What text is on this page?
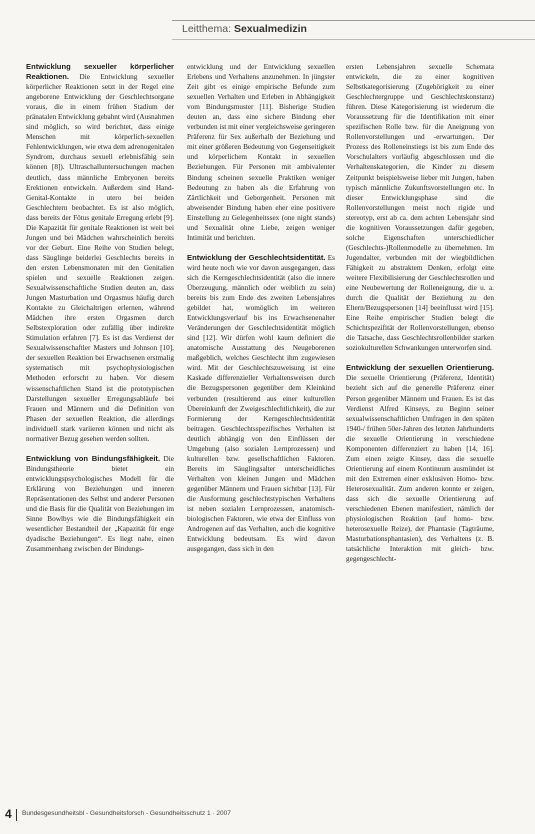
Leitthema: Sexualmedizin

Entwicklung sexueller körperlicher Reaktionen. Die Entwicklung sexueller körperlicher Reaktionen setzt in der Regel eine angeborene Entwicklung der Geschlechtsorgane voraus, die in einem frühen Stadium der pränatalen Entwicklung gebahnt wird (Ausnahmen sind möglich, so wird berichtet, dass einige Menschen mit körperlich-sexuellen Fehlentwicklungen, wie etwa dem adrenogenitalen Syndrom, durchaus sexuell erlebnisfähig sein können [8]). Ultraschalluntersuchungen machen deutlich, dass männliche Embryonen bereits Erektionen entwickeln. Außerdem sind Hand-Genital-Kontakte in utero bei beiden Geschlechtern beobachtet. Es ist also möglich, dass bereits der Fötus genitale Erregung erlebt [9]. Die Kapazität für genitale Reaktionen ist weit bei Jungen und bei Mädchen wahrscheinlich bereits vor der Geburt. Eine Reihe von Studien belegt, dass Säuglinge beiderlei Geschlechts bereits in den ersten Lebensmonaten mit den Genitalien spielen und sexuelle Reaktionen zeigen. Sexualwissenschaftliche Studien deuten an, dass Jungen Masturbation und Orgasmus häufig durch Kontakte zu Gleichaltrigen erlernen, während Mädchen ihre ersten Orgasmen durch Selbstexploration oder zufällig über indirekte Stimulation erfahren [7]. Es ist das Verdienst der Sexualwissenschaftler Masters und Johnson [10], der sexuellen Reaktion bei Erwachsenen erstmalig systematisch mit psychophysiologischen Methoden erforscht zu haben. Vor diesem wissenschaftlichen Stand ist die prototypischen Darstellungen sexueller Erregungsabläufe bei Frauen und Männern und die Definition von Phasen der sexuellen Reaktion, die allerdings individuell stark variieren können und nicht als normativer Bezug gesehen werden sollten.

Entwicklung von Bindungsfähigkeit. Die Bindungstheorie bietet ein entwicklungspsychologisches Modell für die Erklärung von Beziehungen und inneren Repräsentationen des Selbst und anderer Personen und die Basis für die Qualität von Beziehungen im Sinne Bowlbys wie die Bindungsfähigkeit ein wesentlicher Bestandteil der „Kapazität für enge dyadische Beziehungen“. Es liegt nahe, einen Zusammenhang zwischen der Bindungs-

entwicklung und der Entwicklung sexuellen Erlebens und Verhaltens anzunehmen. In jüngster Zeit gibt es einige empirische Befunde zum sexuellen Verhalten und Erleben in Abhängigkeit vom Bindungsmuster [11]. Bisherige Studien deuten an, dass eine sichere Bindung eher verbunden ist mit einer vergleichsweise geringeren Präferenz für Sex außerhalb der Beziehung und mit einer größeren Bedeutung von Gegenseitigkeit und körperlichem Kontakt in sexuellen Beziehungen. Für Personen mit ambivalenter Bindung scheinen sexuelle Praktiken weniger Bedeutung zu haben als die Erfahrung von Zärtlichkeit und Geborgenheit. Personen mit abweisender Bindung haben eher eine positivere Einstellung zu Gelegenheitssex (one night stands) und Sexualität ohne Liebe, zeigen weniger Intimität und berichten.

Entwicklung der Geschlechtsidentität. Es wird heute noch wie vor davon ausgegangen, dass sich die Kerngeschlechtsidentität (also die innere Überzeugung, männlich oder weiblich zu sein) bereits bis zum Ende des zweiten Lebensjahres gebildet hat, womöglich im weiteren Entwicklungsverlauf bis ins Erwachsenenalter Veränderungen der Geschlechtsidentität möglich sind [12]. Wir dürfen wohl kaum definiert die anatomische Ausstattung des Neugeborenen maßgeblich, welches Geschlecht ihm zugewiesen wird. Mit der Geschlechtszuweisung ist eine Kaskade differenzieller Verhaltensweisen durch die Bezugspersonen gegenüber dem Kleinkind verbunden (resultierend aus einer kulturellen Übereinkunft der Zweigeschlechtlichkeit), die zur Formierung der Kerngeschlechtsidentität beitragen. Geschlechtsspezifisches Verhalten ist deutlich abhängig von den Einflüssen der Umgebung (also sozialen Lernprozessen) und kulturellen bzw. gesellschaftlichen Faktoren. Bereits im Säuglingsalter unterscheidliches Verhalten von kleinen Jungen und Mädchen gegenüber Männern und Frauen sichtbar [13]. Für die Ausformung geschlechtstypischen Verhaltens ist neben sozialen Lernprozessen, anatomisch-biologischen Faktoren, wie etwa der Einfluss von Androgenen auf das Verhalten, auch die kognitive Entwicklung bedeutsam. Es wird davon ausgegangen, dass sich in den

ersten Lebensjahren sexuelle Schemata entwickeln, die zu einer kognitiven Selbstkategorisierung (Zugehörigkeit zu einer Geschlechtergruppe und Geschlechtskonstanz) führen. Diese Kategorisierung ist wiederum die Voraussetzung für die Identifikation mit einer spezifischen Rolle bzw. für die Aneignung von Rollenvorstellungen und -erwartungen. Der Prozess des Rolleneinstiegs ist bis zum Ende des Vorschulalters vorläufig abgeschlossen und die Verhaltenskategorien, die Kinder zu diesem Zeitpunkt beispielsweise lieber mit Jungen, haben typisch männliche Zukunftsvorstellungen etc. In dieser Entwicklungsphase sind die Rollenvorstellungen meist noch rigide und stereotyp, erst ab ca. dem achten Lebensjahr sind die kognitiven Voraussetzungen dafür gegeben, solche Eigenschaften unterschiedlicher (Geschlechts-)Rollenmodelle zu übernehmen. Im Jugendalter, verbunden mit der wiegbildlichen Fähigkeit zu abstraktem Denken, erfolgt eine weitere Flexibilisierung der Geschlechtsrollen und eine Neubewertung der Rolleneignung, die u. a. durch die Qualität der Beziehung zu den Eltern/Bezugspersonen [14] beeinflusst wird [15]. Eine Reihe empirischer Studien belegt die Schichtspezifität der Rollenvorstellungen, ebenso die Tatsache, dass Geschlechtsrollenbilder starken soziokulturellen Schwankungen unterworfen sind.

Entwicklung der sexuellen Orientierung. Die sexuelle Orientierung (Präferenz, Identität) bezieht sich auf die generelle Präferenz einer Person gegenüber Männern und Frauen. Es ist das Verdienst Alfred Kinseys, zu Beginn seiner sexualwissenschaftlichen Umfragen in den späten 1940-/ frühen 50er-Jahren des letzten Jahrhunderts die sexuelle Orientierung in verschiedene Komponenten differenziert zu haben [14, 16]. Zum einen zeigte Kinsey, dass die sexuelle Orientierung auf einem Kontinuum ausmündet ist mit den Extremen einer exklusiven Homo- bzw. Heterosexualität. Zum anderen konnte er zeigen, dass sich die sexuelle Orientierung auf verschiedenen Ebenen manifestiert, nämlich der physiologischen Reaktion (auf homo- bzw. heterosexuelle Reize), der Phantasie (Tagträume, Masturbationsphantasien), des Verhaltens (z. B. tatsächliche Interaktion mit gleich- bzw. gegengeschlecht-

4 Bundesgesundheitsbl - Gesundheitsforsch - Gesundheitsschutz 1 · 2007
